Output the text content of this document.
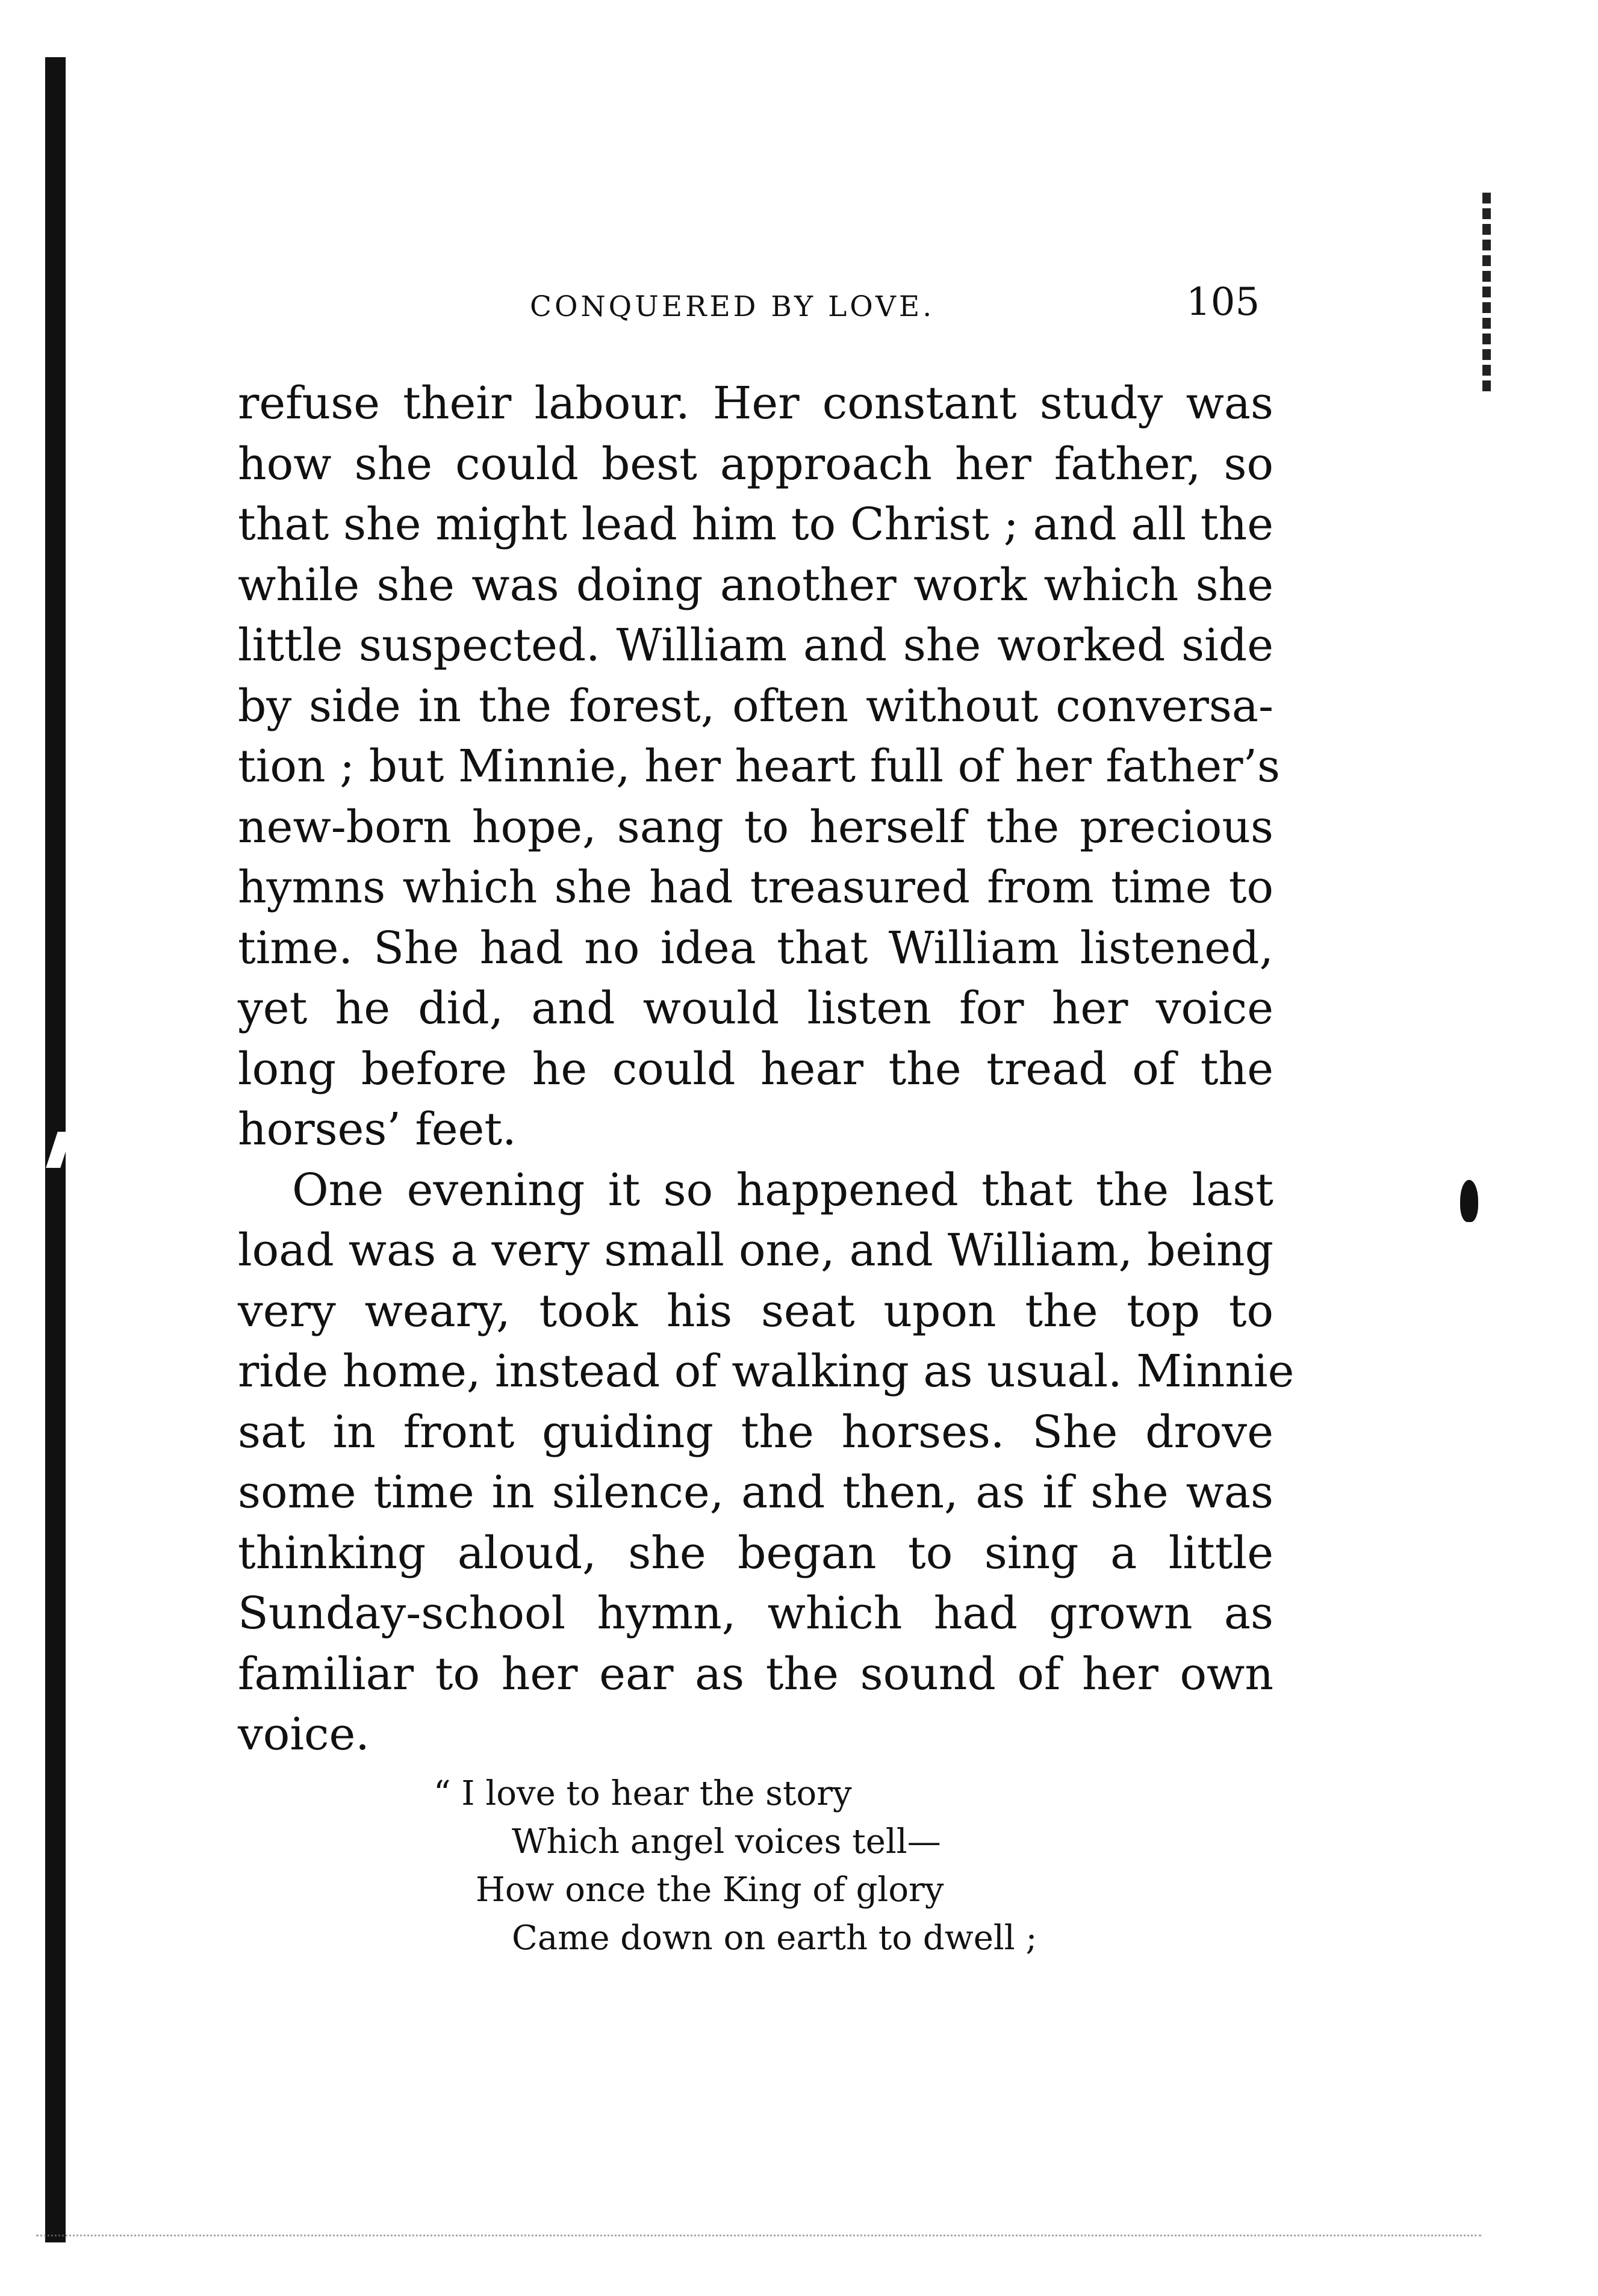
CONQUERED BY LOVE.	105
refuse their labour. Her constant study was
how she could best approach her father, so
that she might lead him to Christ ; and all the
while she was doing another work which she
little suspected. William and she worked side
by side in the forest, often without conversa-
tion ; but Minnie, her heart full of her father’s
new-born hope, sang to herself the precious
hymns which she had treasured from time to
time. She had no idea that William listened,
yet he did, and would listen for her voice
long before he could hear the tread of the
horses’ feet.
One evening it so happened that the last
load was a very small one, and William, being
very weary, took his seat upon the top to
ride home, instead of walking as usual. Minnie
sat in front guiding the horses. She drove
some time in silence, and then, as if she was
thinking aloud, she began to sing a little
Sunday-school hymn, which had grown as
familiar to her ear as the sound of her own
voice.
“ I love to hear the story
Which angel voices tell—
How once the King of glory
Came down on earth to dwell ;
